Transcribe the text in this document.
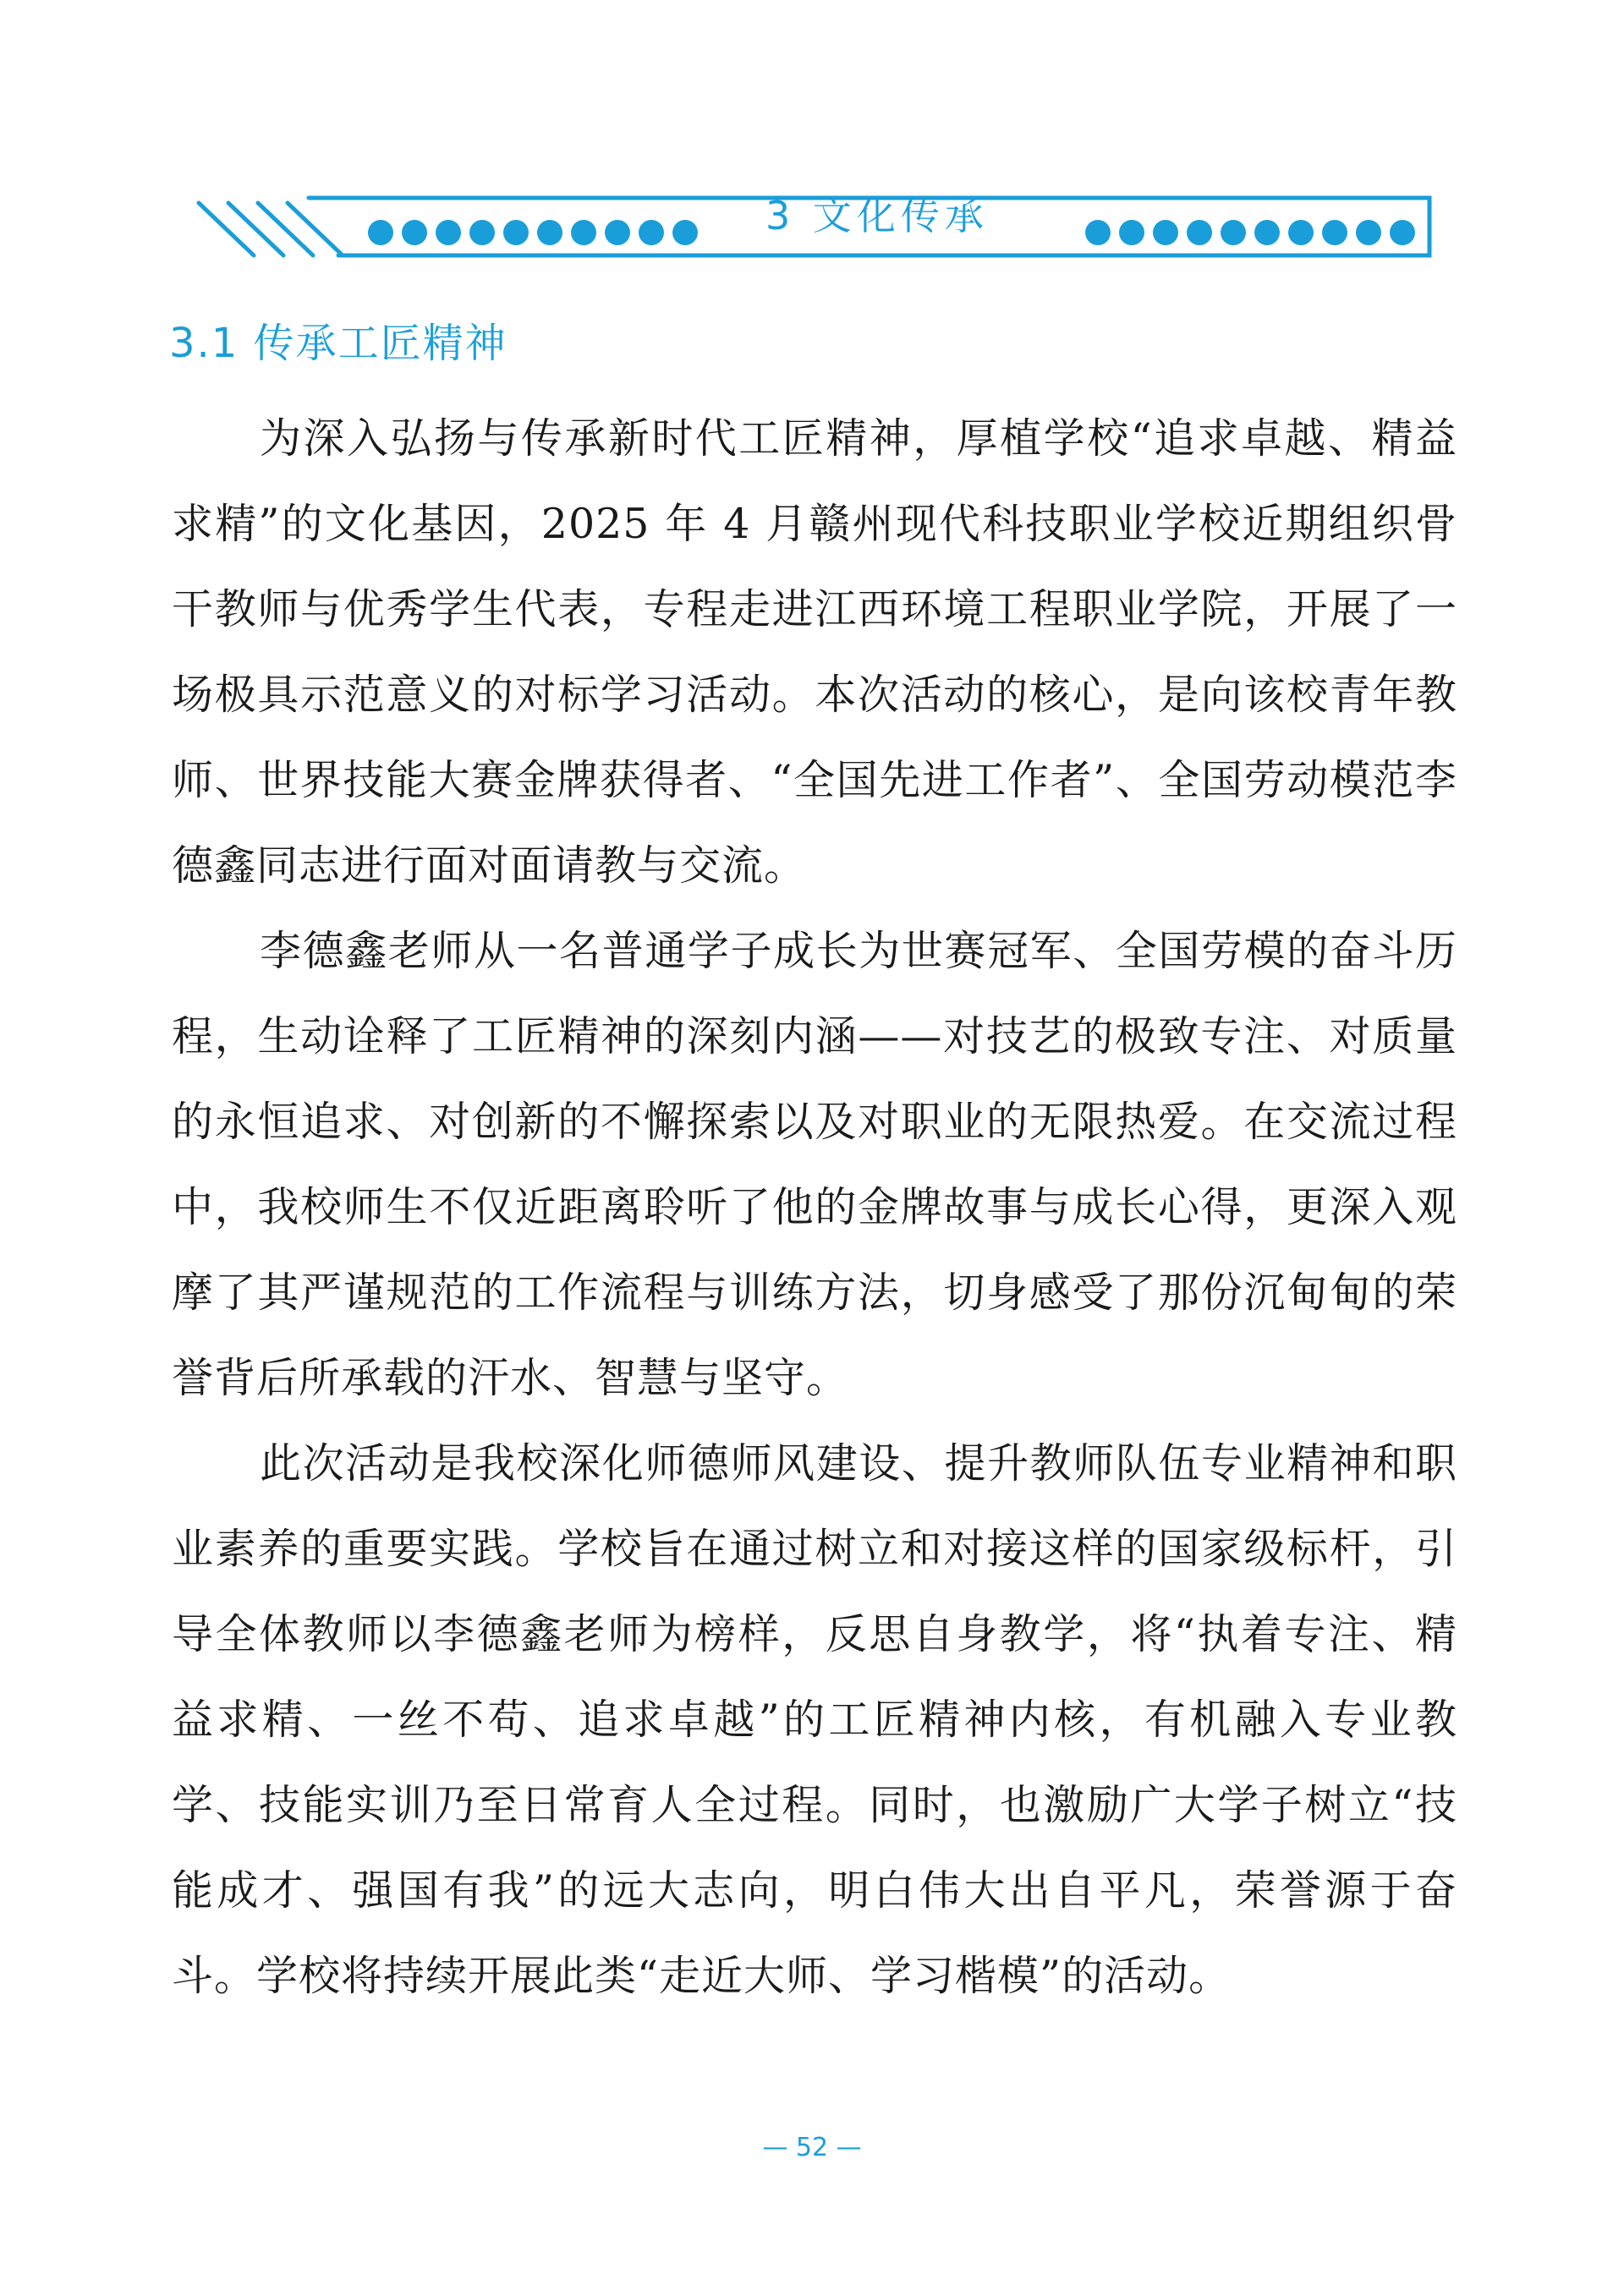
3 文化传承
3.1 传承工匠精神

为深入弘扬与传承新时代工匠精神，厚植学校“追求卓越、精益求精”的文化基因，2025 年 4 月赣州现代科技职业学校近期组织骨干教师与优秀学生代表，专程走进江西环境工程职业学院，开展了一场极具示范意义的对标学习活动。本次活动的核心，是向该校青年教师、世界技能大赛金牌获得者、“全国先进工作者”、全国劳动模范李德鑫同志进行面对面请教与交流。

李德鑫老师从一名普通学子成长为世赛冠军、全国劳模的奋斗历程，生动诠释了工匠精神的深刻内涵——对技艺的极致专注、对质量的永恒追求、对创新的不懈探索以及对职业的无限热爱。在交流过程中，我校师生不仅近距离聆听了他的金牌故事与成长心得，更深入观摩了其严谨规范的工作流程与训练方法，切身感受了那份沉甸甸的荣誉背后所承载的汗水、智慧与坚守。

此次活动是我校深化师德师风建设、提升教师队伍专业精神和职业素养的重要实践。学校旨在通过树立和对接这样的国家级标杆，引导全体教师以李德鑫老师为榜样，反思自身教学，将“执着专注、精益求精、一丝不苟、追求卓越”的工匠精神内核，有机融入专业教学、技能实训乃至日常育人全过程。同时，也激励广大学子树立“技能成才、强国有我”的远大志向，明白伟大出自平凡，荣誉源于奋斗。学校将持续开展此类“走近大师、学习楷模”的活动。

— 52 —
